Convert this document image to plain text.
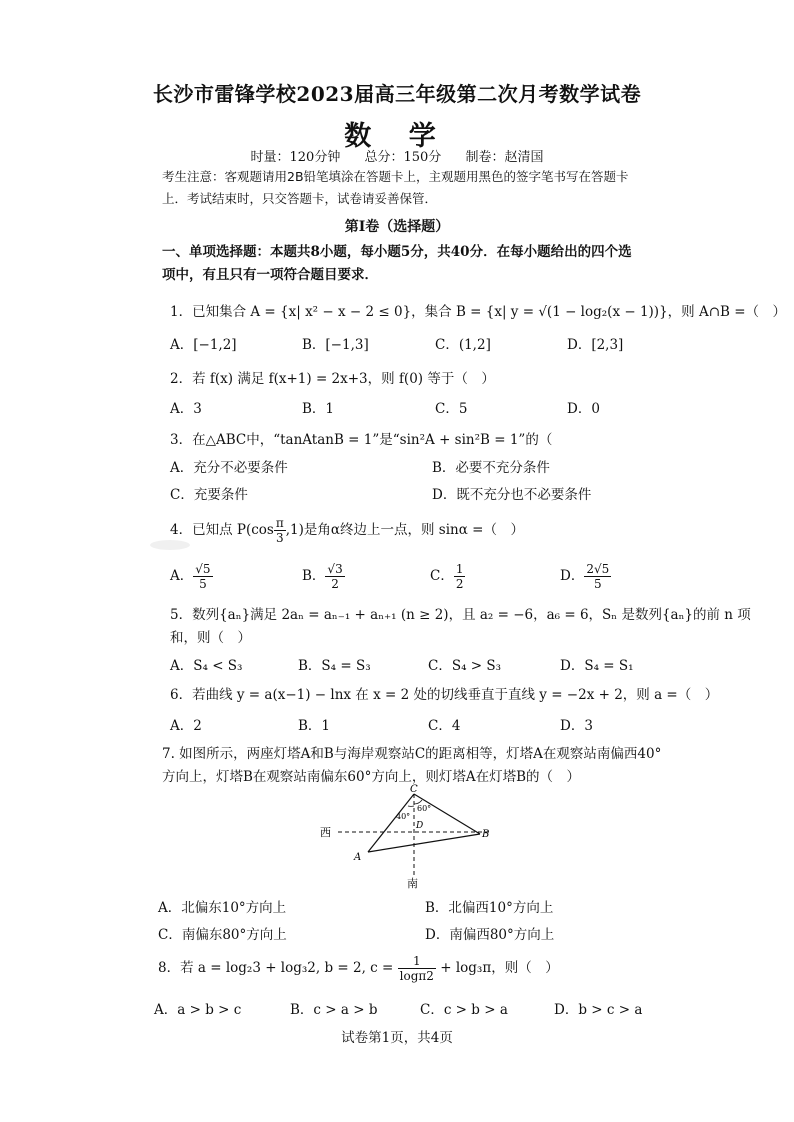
长沙市雷锋学校2023届高三年级第二次月考数学试卷
数 学
时量：120分钟 总分：150分 制卷：赵清国
考生注意：客观题请用2B铅笔填涂在答题卡上，主观题用黑色的签字笔书写在答题卡上．考试结束时，只交答题卡，试卷请妥善保管．
第Ⅰ卷（选择题）
一、单项选择题：本题共8小题，每小题5分，共40分．在每小题给出的四个选项中，有且只有一项符合题目要求．
1．已知集合 A = {x| x² − x − 2 ≤ 0}，集合 B = {x| y = √(1 − log₂(x − 1))}，则 A∩B =（　）
A．[−1,2]	B．[−1,3]	C．(1,2]	D．[2,3]
2．若 f(x) 满足 f(x+1) = 2x+3，则 f(0) 等于（　）
A．3	B．1	C．5	D．0
3．在△ABC中，“tanAtanB = 1”是“sin²A + sin²B = 1”的（
A．充分不必要条件	B．必要不充分条件
C．充要条件	D．既不充分也不必要条件
4．已知点 $P(\cos \frac{\pi}{3} ,1)$是角α终边上一点，则 sinα =（　）
A． $\frac{√5}{5}$	B． $\frac{√3}{2}$	C． $\frac{1}{2}$	D． $\frac{2√5}{5}$
5．数列{aₙ}满足 2aₙ = aₙ₋₁ + aₙ₊₁ (n ≥ 2)，且 a₂ = −6，a₆ = 6，Sₙ 是数列{aₙ}的前 n 项
和，则（　）
A．S₄ < S₃	B．S₄ = S₃	C．S₄ > S₃	D．S₄ = S₁
6．若曲线 y = a(x−1) − lnx 在 x = 2 处的切线垂直于直线 y = −2x + 2，则 a =（　）
A．2	B．1	C．4	D．3
7. 如图所示，两座灯塔A和B与海岸观察站C的距离相等，灯塔A在观察站南偏西40°
方向上，灯塔B在观察站南偏东60°方向上，则灯塔A在灯塔B的（　）
C
A
B
D
40°
60°
西
南
A．北偏东10°方向上	B．北偏西10°方向上
C．南偏东80°方向上	D．南偏西80°方向上
8．若 a = log₂3 + log₃2, b = 2, $c = \frac{1}{\log\pi 2} + \log_3\pi$，则（　）
A．a > b > c	B．c > a > b	C．c > b > a	D．b > c > a
试卷第1页，共4页
